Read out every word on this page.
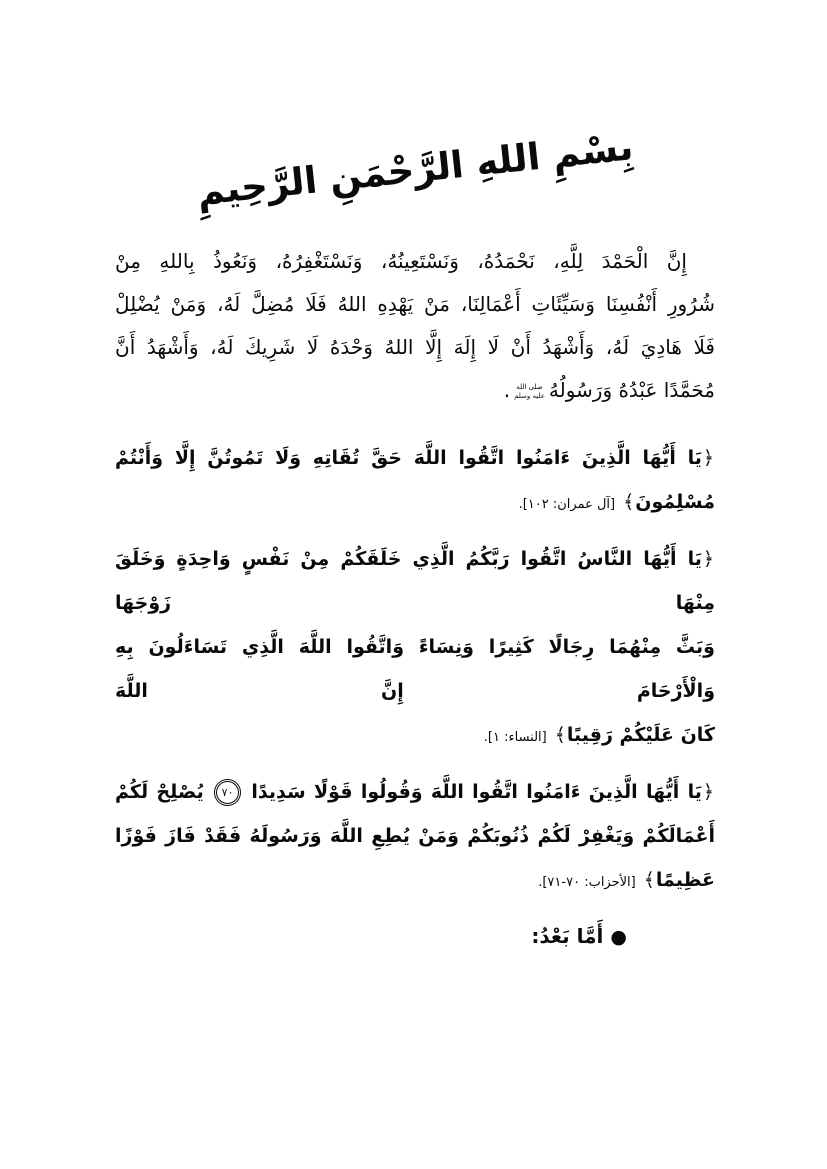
بِسْمِ اللهِ الرَّحْمَنِ الرَّحِيمِ
إِنَّ الْحَمْدَ لِلَّهِ، نَحْمَدُهُ، وَنَسْتَعِينُهُ، وَنَسْتَغْفِرُهُ، وَنَعُوذُ بِاللهِ مِنْ
شُرُورِ أَنْفُسِنَا وَسَيِّئَاتِ أَعْمَالِنَا، مَنْ يَهْدِهِ اللهُ فَلَا مُضِلَّ لَهُ، وَمَنْ يُضْلِلْ
فَلَا هَادِيَ لَهُ، وَأَشْهَدُ أَنْ لَا إِلَهَ إِلَّا اللهُ وَحْدَهُ لَا شَرِيكَ لَهُ، وَأَشْهَدُ أَنَّ
مُحَمَّدًا عَبْدُهُ وَرَسُولُهُ
صلى الله
عليه وسلم
.
﴿يَا أَيُّهَا الَّذِينَ ءَامَنُوا اتَّقُوا اللَّهَ حَقَّ تُقَاتِهِ وَلَا تَمُوتُنَّ إِلَّا وَأَنْتُمْ
مُسْلِمُونَ﴾[آل عمران: ١٠٢].
﴿يَا أَيُّهَا النَّاسُ اتَّقُوا رَبَّكُمُ الَّذِي خَلَقَكُمْ مِنْ نَفْسٍ وَاحِدَةٍ وَخَلَقَ مِنْهَا زَوْجَهَا
وَبَثَّ مِنْهُمَا رِجَالًا كَثِيرًا وَنِسَاءً وَاتَّقُوا اللَّهَ الَّذِي تَسَاءَلُونَ بِهِ وَالْأَرْحَامَ إِنَّ اللَّهَ
كَانَ عَلَيْكُمْ رَقِيبًا﴾[النساء: ١].
﴿يَا أَيُّهَا الَّذِينَ ءَامَنُوا اتَّقُوا اللَّهَ وَقُولُوا قَوْلًا سَدِيدًا ٧٠ يُصْلِحْ لَكُمْ
أَعْمَالَكُمْ وَيَغْفِرْ لَكُمْ ذُنُوبَكُمْ وَمَنْ يُطِعِ اللَّهَ وَرَسُولَهُ فَقَدْ فَازَ فَوْزًا
عَظِيمًا﴾[الأحزاب: ٧٠-٧١].
●أَمَّا بَعْدُ:
